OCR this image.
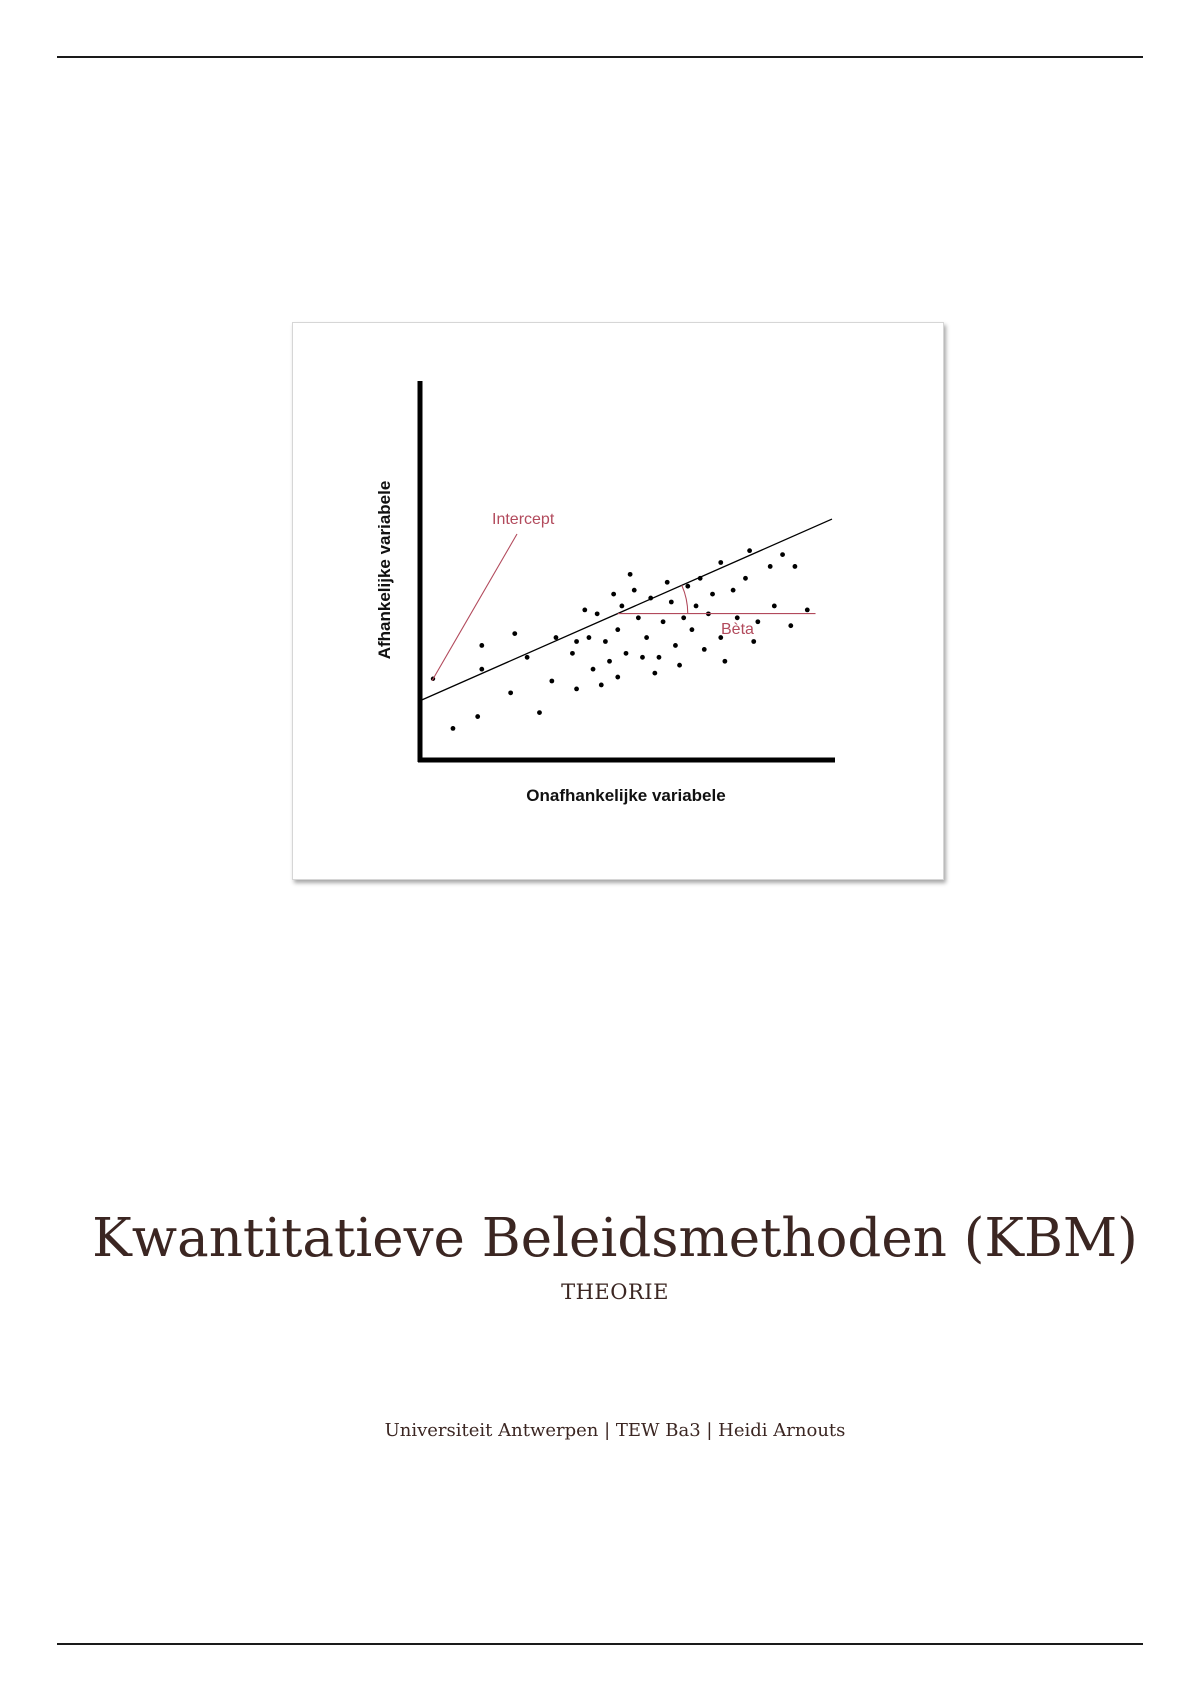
Intercept
Bèta
Onafhankelijke variabele
Afhankelijke variabele
Kwantitatieve Beleidsmethoden (KBM)
THEORIE
Universiteit Antwerpen | TEW Ba3 | Heidi Arnouts
